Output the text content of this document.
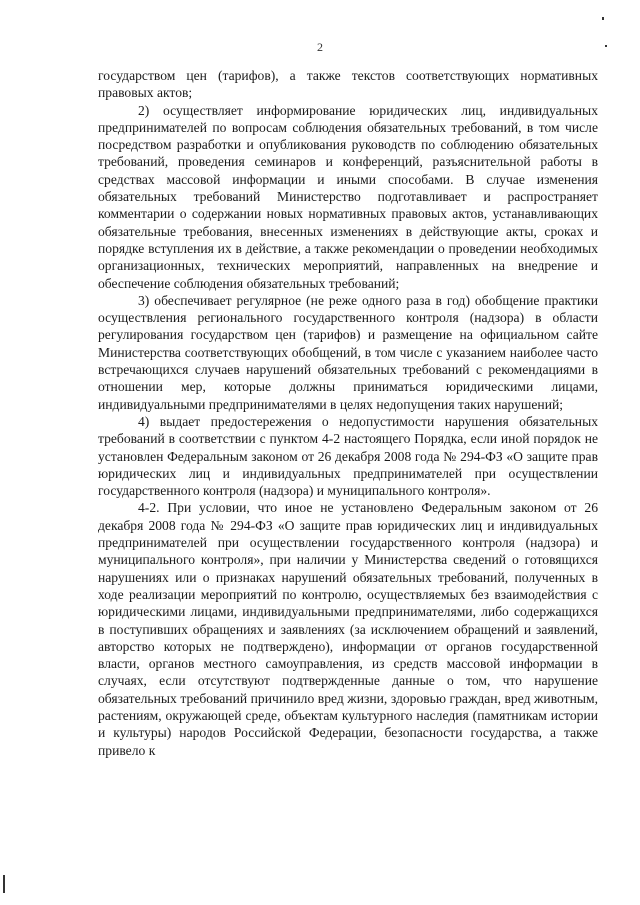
2

государством цен (тарифов), а также текстов соответствующих нормативных правовых актов;

2) осуществляет информирование юридических лиц, индивидуальных предпринимателей по вопросам соблюдения обязательных требований, в том числе посредством разработки и опубликования руководств по соблюдению обязательных требований, проведения семинаров и конференций, разъяснительной работы в средствах массовой информации и иными способами. В случае изменения обязательных требований Министерство подготавливает и распространяет комментарии о содержании новых нормативных правовых актов, устанавливающих обязательные требования, внесенных изменениях в действующие акты, сроках и порядке вступления их в действие, а также рекомендации о проведении необходимых организационных, технических мероприятий, направленных на внедрение и обеспечение соблюдения обязательных требований;

3) обеспечивает регулярное (не реже одного раза в год) обобщение практики осуществления регионального государственного контроля (надзора) в области регулирования государством цен (тарифов) и размещение на официальном сайте Министерства соответствующих обобщений, в том числе с указанием наиболее часто встречающихся случаев нарушений обязательных требований с рекомендациями в отношении мер, которые должны приниматься юридическими лицами, индивидуальными предпринимателями в целях недопущения таких нарушений;

4) выдает предостережения о недопустимости нарушения обязательных требований в соответствии с пунктом 4-2 настоящего Порядка, если иной порядок не установлен Федеральным законом от 26 декабря 2008 года № 294-ФЗ «О защите прав юридических лиц и индивидуальных предпринимателей при осуществлении государственного контроля (надзора) и муниципального контроля».

4-2. При условии, что иное не установлено Федеральным законом от 26 декабря 2008 года № 294-ФЗ «О защите прав юридических лиц и индивидуальных предпринимателей при осуществлении государственного контроля (надзора) и муниципального контроля», при наличии у Министерства сведений о готовящихся нарушениях или о признаках нарушений обязательных требований, полученных в ходе реализации мероприятий по контролю, осуществляемых без взаимодействия с юридическими лицами, индивидуальными предпринимателями, либо содержащихся в поступивших обращениях и заявлениях (за исключением обращений и заявлений, авторство которых не подтверждено), информации от органов государственной власти, органов местного самоуправления, из средств массовой информации в случаях, если отсутствуют подтвержденные данные о том, что нарушение обязательных требований причинило вред жизни, здоровью граждан, вред животным, растениям, окружающей среде, объектам культурного наследия (памятникам истории и культуры) народов Российской Федерации, безопасности государства, а также привело к
